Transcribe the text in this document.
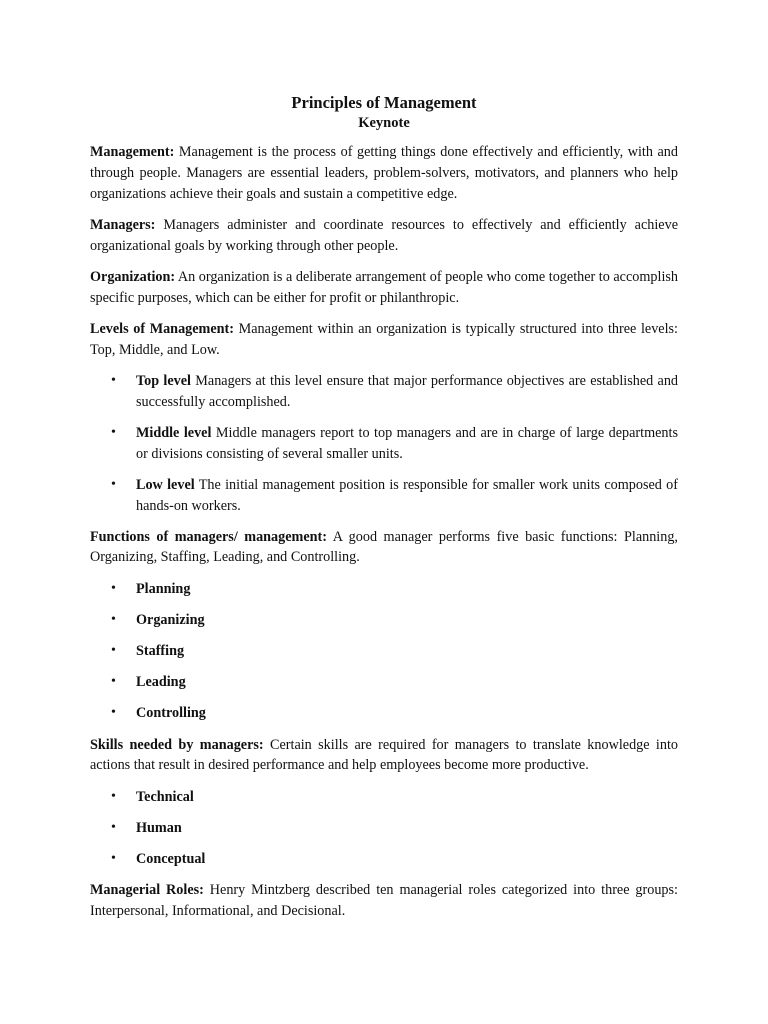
Principles of Management
Keynote

Management: Management is the process of getting things done effectively and efficiently, with and through people. Managers are essential leaders, problem-solvers, motivators, and planners who help organizations achieve their goals and sustain a competitive edge.

Managers: Managers administer and coordinate resources to effectively and efficiently achieve organizational goals by working through other people.

Organization: An organization is a deliberate arrangement of people who come together to accomplish specific purposes, which can be either for profit or philanthropic.

Levels of Management: Management within an organization is typically structured into three levels: Top, Middle, and Low.

• Top level Managers at this level ensure that major performance objectives are established and successfully accomplished.
• Middle level Middle managers report to top managers and are in charge of large departments or divisions consisting of several smaller units.
• Low level The initial management position is responsible for smaller work units composed of hands-on workers.

Functions of managers/ management: A good manager performs five basic functions: Planning, Organizing, Staffing, Leading, and Controlling.

• Planning
• Organizing
• Staffing
• Leading
• Controlling

Skills needed by managers: Certain skills are required for managers to translate knowledge into actions that result in desired performance and help employees become more productive.

• Technical
• Human
• Conceptual

Managerial Roles: Henry Mintzberg described ten managerial roles categorized into three groups: Interpersonal, Informational, and Decisional.
